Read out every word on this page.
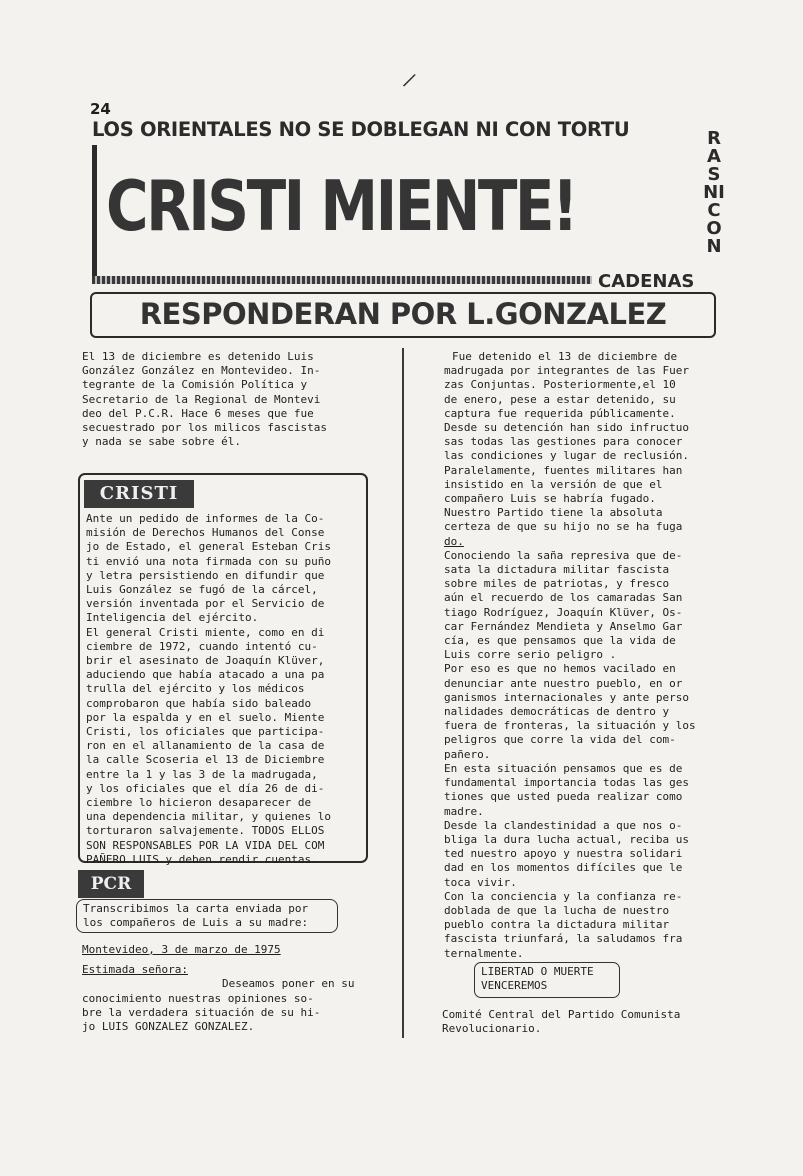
/
24
LOS ORIENTALES NO SE DOBLEGAN NI CON TORTU	RAS NI CON
CRISTI MIENTE!
CADENAS
RESPONDERAN POR L.GONZALEZ

El 13 de diciembre es detenido Luis

González González en Montevideo. In-

tegrante de la Comisión Política y

Secretario de la Regional de Montevi

deo del P.C.R. Hace 6 meses que fue

secuestrado por los milicos fascistas

y nada se sabe sobre él.

CRISTI

Ante un pedido de informes de la Co-

misión de Derechos Humanos del Conse

jo de Estado, el general Esteban Cris

ti envió una nota firmada con su puño

y letra persistiendo en difundir que

Luis González se fugó de la cárcel,

versión inventada por el Servicio de

Inteligencia del ejército.

El general Cristi miente, como en di

ciembre de 1972, cuando intentó cu-

brir el asesinato de Joaquín Klüver,

aduciendo que había atacado a una pa

trulla del ejército y los médicos

comprobaron que había sido baleado

por la espalda y en el suelo. Miente

Cristi, los oficiales que participa-

ron en el allanamiento de la casa de

la calle Scoseria el 13 de Diciembre

entre la 1 y las 3 de la madrugada,

y los oficiales que el día 26 de di-

ciembre lo hicieron desaparecer de

una dependencia militar, y quienes lo

torturaron salvajemente. TODOS ELLOS

SON RESPONSABLES POR LA VIDA DEL COM

PAÑERO LUIS y deben rendir cuentas.

PCR

Transcribimos la carta enviada por

los compañeros de Luis a su madre:

Montevideo, 3 de marzo de 1975

Estimada señora:

Deseamos poner en su

conocimiento nuestras opiniones so-

bre la verdadera situación de su hi-

jo LUIS GONZALEZ GONZALEZ.

Fue detenido el 13 de diciembre de

madrugada por integrantes de las Fuer

zas Conjuntas. Posteriormente,el 10

de enero, pese a estar detenido, su

captura fue requerida públicamente.

Desde su detención han sido infructuo

sas todas las gestiones para conocer

las condiciones y lugar de reclusión.

Paralelamente, fuentes militares han

insistido en la versión de que el

compañero Luis se habría fugado.

Nuestro Partido tiene la absoluta

certeza de que su hijo no se ha fuga

do.

Conociendo la saña represiva que de-

sata la dictadura militar fascista

sobre miles de patriotas, y fresco

aún el recuerdo de los camaradas San

tiago Rodríguez, Joaquín Klüver, Os-

car Fernández Mendieta y Anselmo Gar

cía, es que pensamos que la vida de

Luis corre serio peligro .

Por eso es que no hemos vacilado en

denunciar ante nuestro pueblo, en or

ganismos internacionales y ante perso

nalidades democráticas de dentro y

fuera de fronteras, la situación y los

peligros que corre la vida del com-

pañero.

En esta situación pensamos que es de

fundamental importancia todas las ges

tiones que usted pueda realizar como

madre.

Desde la clandestinidad a que nos o-

bliga la dura lucha actual, reciba us

ted nuestro apoyo y nuestra solidari

dad en los momentos difíciles que le

toca vivir.

Con la conciencia y la confianza re-

doblada de que la lucha de nuestro

pueblo contra la dictadura militar

fascista triunfará, la saludamos fra

ternalmente.

LIBERTAD O MUERTE

VENCEREMOS

Comité Central del Partido Comunista

Revolucionario.
